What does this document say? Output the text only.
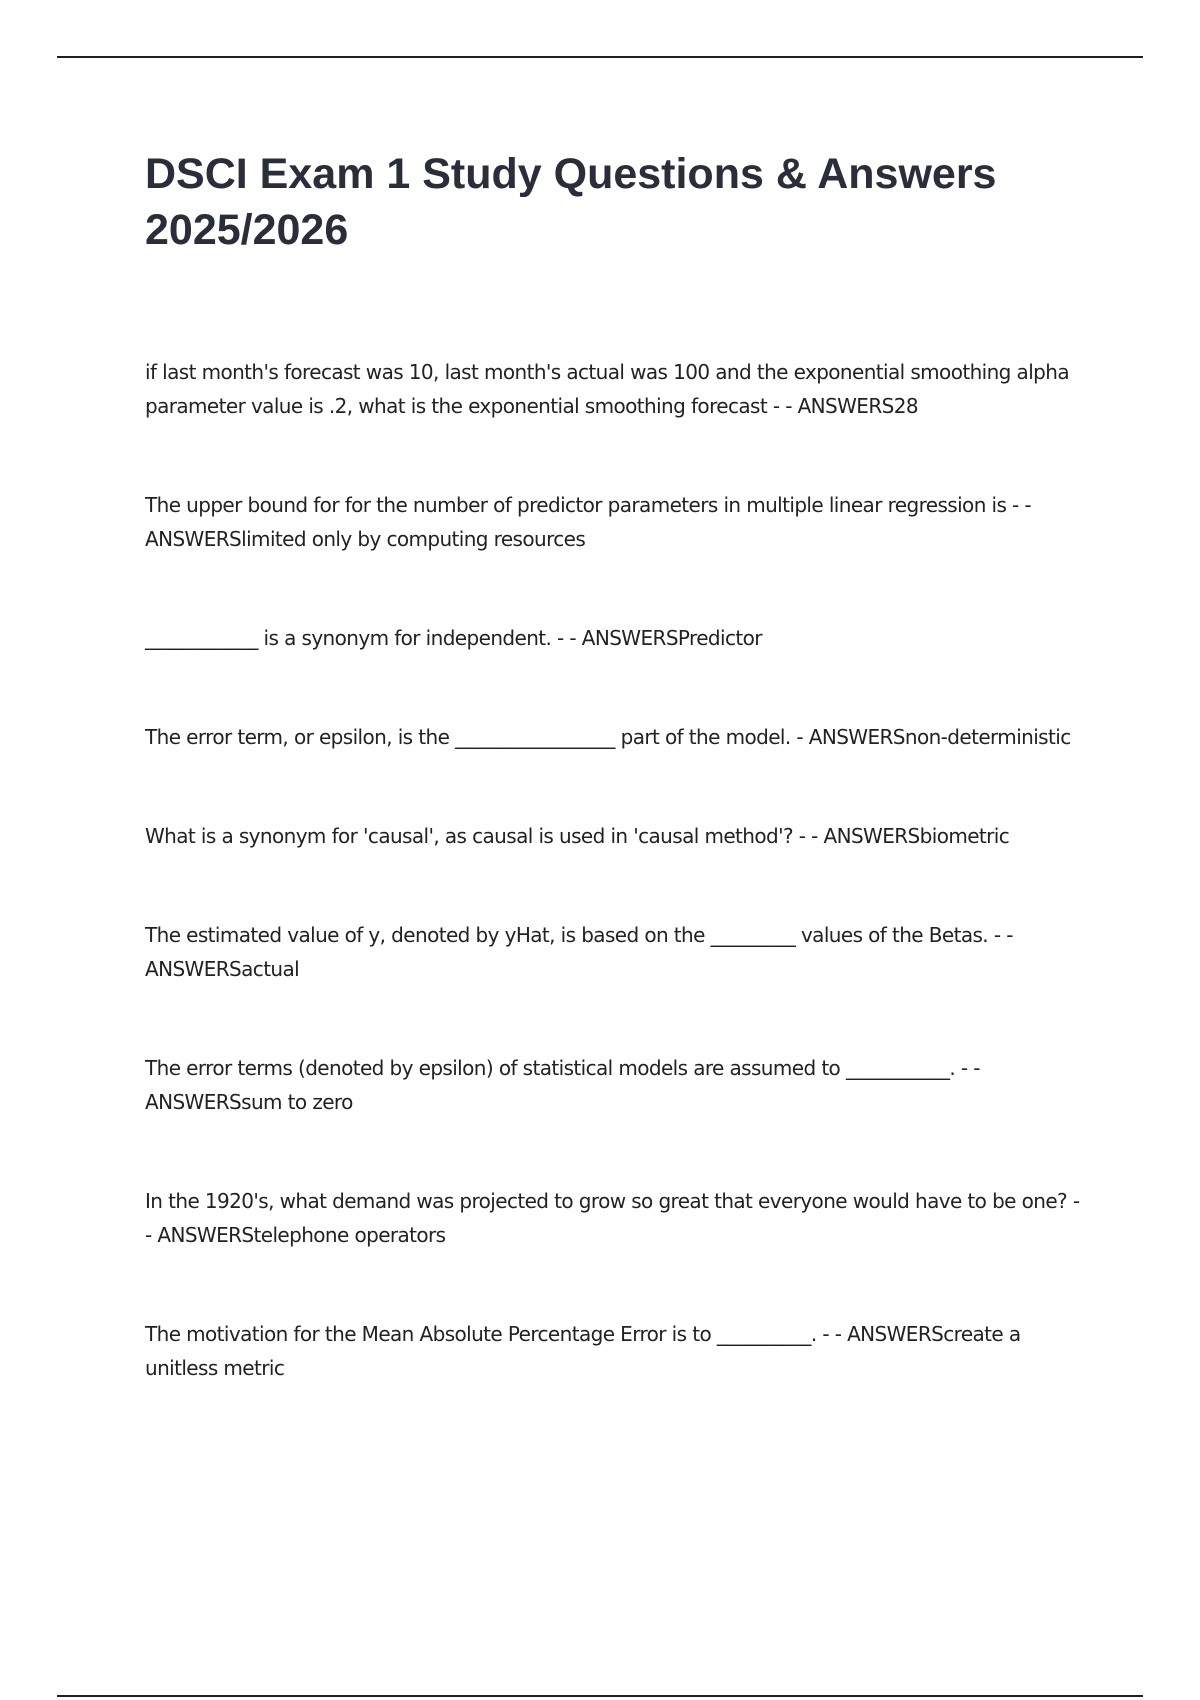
DSCI Exam 1 Study Questions & Answers 2025/2026

if last month's forecast was 10, last month's actual was 100 and the exponential smoothing alpha parameter value is .2, what is the exponential smoothing forecast - - ANSWERS28

The upper bound for for the number of predictor parameters in multiple linear regression is - - ANSWERSlimited only by computing resources

____________ is a synonym for independent. - - ANSWERSPredictor

The error term, or epsilon, is the _________________ part of the model. - ANSWERSnon-deterministic

What is a synonym for 'causal', as causal is used in 'causal method'? - - ANSWERSbiometric

The estimated value of y, denoted by yHat, is based on the _________ values of the Betas. - - ANSWERSactual

The error terms (denoted by epsilon) of statistical models are assumed to ___________. - - ANSWERSsum to zero

In the 1920's, what demand was projected to grow so great that everyone would have to be one? - - ANSWERStelephone operators

The motivation for the Mean Absolute Percentage Error is to __________. - - ANSWERScreate a unitless metric
